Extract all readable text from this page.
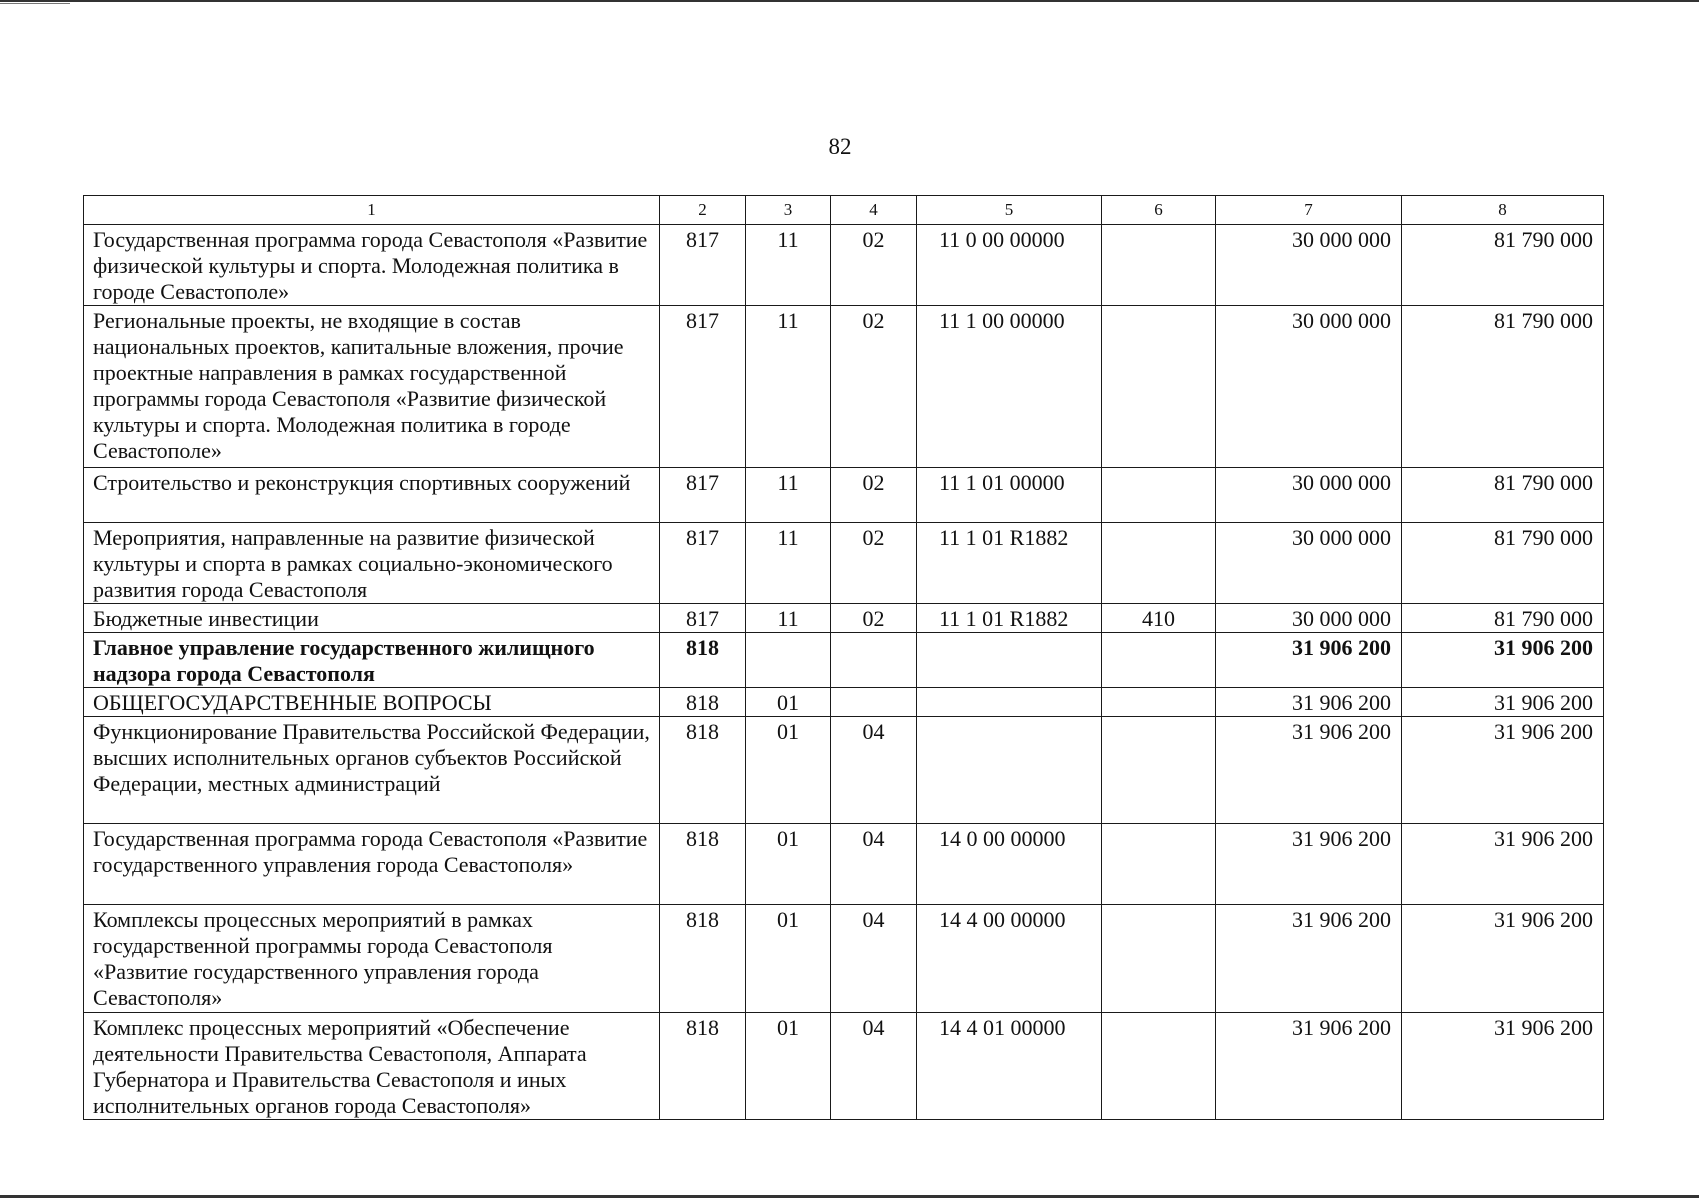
82
1	2	3	4	5	6	7	8
Государственная программа города Севастополя «Развитие физической культуры и спорта. Молодежная политика в городе Севастополе»	817	11	02	11 0 00 00000		30 000 000	81 790 000
Региональные проекты, не входящие в состав национальных проектов, капитальные вложения, прочие проектные направления в рамках государственной программы города Севастополя «Развитие физической культуры и спорта. Молодежная политика в городе Севастополе»	817	11	02	11 1 00 00000		30 000 000	81 790 000
Строительство и реконструкция спортивных сооружений	817	11	02	11 1 01 00000		30 000 000	81 790 000
Мероприятия, направленные на развитие физической культуры и спорта в рамках социально-экономического развития города Севастополя	817	11	02	11 1 01 R1882		30 000 000	81 790 000
Бюджетные инвестиции	817	11	02	11 1 01 R1882	410	30 000 000	81 790 000
Главное управление государственного жилищного надзора города Севастополя	818					31 906 200	31 906 200
ОБЩЕГОСУДАРСТВЕННЫЕ ВОПРОСЫ	818	01				31 906 200	31 906 200
Функционирование Правительства Российской Федерации, высших исполнительных органов субъектов Российской Федерации, местных администраций	818	01	04			31 906 200	31 906 200
Государственная программа города Севастополя «Развитие государственного управления города Севастополя»	818	01	04	14 0 00 00000		31 906 200	31 906 200
Комплексы процессных мероприятий в рамках государственной программы города Севастополя «Развитие государственного управления города Севастополя»	818	01	04	14 4 00 00000		31 906 200	31 906 200
Комплекс процессных мероприятий «Обеспечение деятельности Правительства Севастополя, Аппарата Губернатора и Правительства Севастополя и иных исполнительных органов города Севастополя»	818	01	04	14 4 01 00000		31 906 200	31 906 200
